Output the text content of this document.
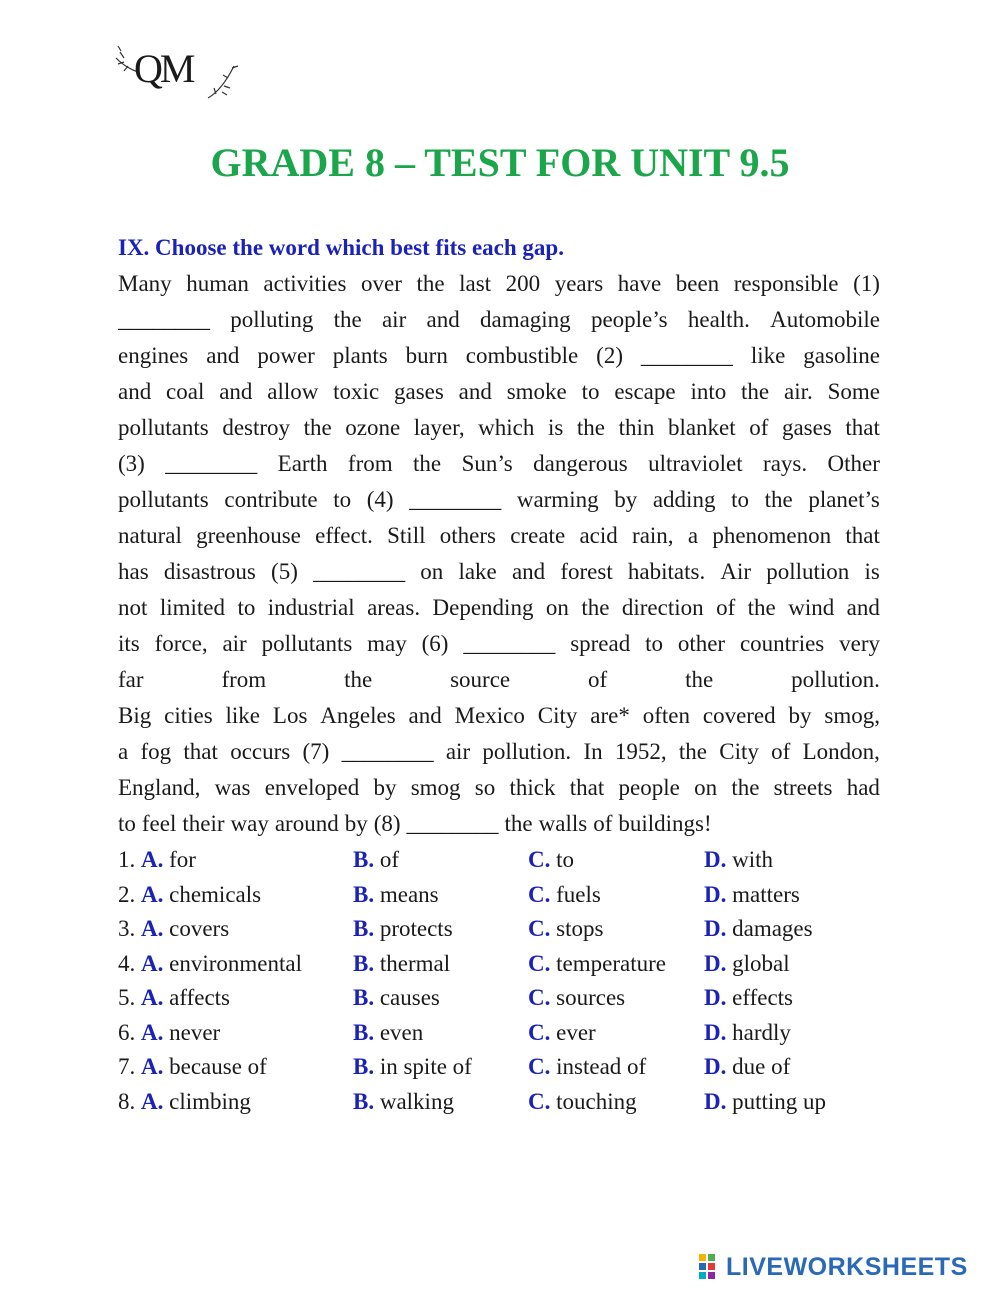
QM
GRADE 8 – TEST FOR UNIT 9.5
IX. Choose the word which best fits each gap.
Many human activities over the last 200 years have been responsible (1)
________ polluting the air and damaging people’s health. Automobile
engines and power plants burn combustible (2) ________ like gasoline
and coal and allow toxic gases and smoke to escape into the air. Some
pollutants destroy the ozone layer, which is the thin blanket of gases that
(3) ________ Earth from the Sun’s dangerous ultraviolet rays. Other
pollutants contribute to (4) ________ warming by adding to the planet’s
natural greenhouse effect. Still others create acid rain, a phenomenon that
has disastrous (5) ________ on lake and forest habitats. Air pollution is
not limited to industrial areas. Depending on the direction of the wind and
its force, air pollutants may (6) ________ spread to other countries very
far	from	the	source	of	the	pollution.
Big cities like Los Angeles and Mexico City are* often covered by smog,
a fog that occurs (7) ________ air pollution. In 1952, the City of London,
England, was enveloped by smog so thick that people on the streets had
to feel their way around by (8) ________ the walls of buildings!
1. A. for	B. of	C. to	D. with
2. A. chemicals	B. means	C. fuels	D. matters
3. A. covers	B. protects	C. stops	D. damages
4. A. environmental B. thermal	C. temperature D. global
5. A. affects	B. causes	C. sources	D. effects
6. A. never	B. even	C. ever	D. hardly
7. A. because of	B. in spite of C. instead of	D. due of
8. A. climbing	B. walking	C. touching	D. putting up
LIVEWORKSHEETS
